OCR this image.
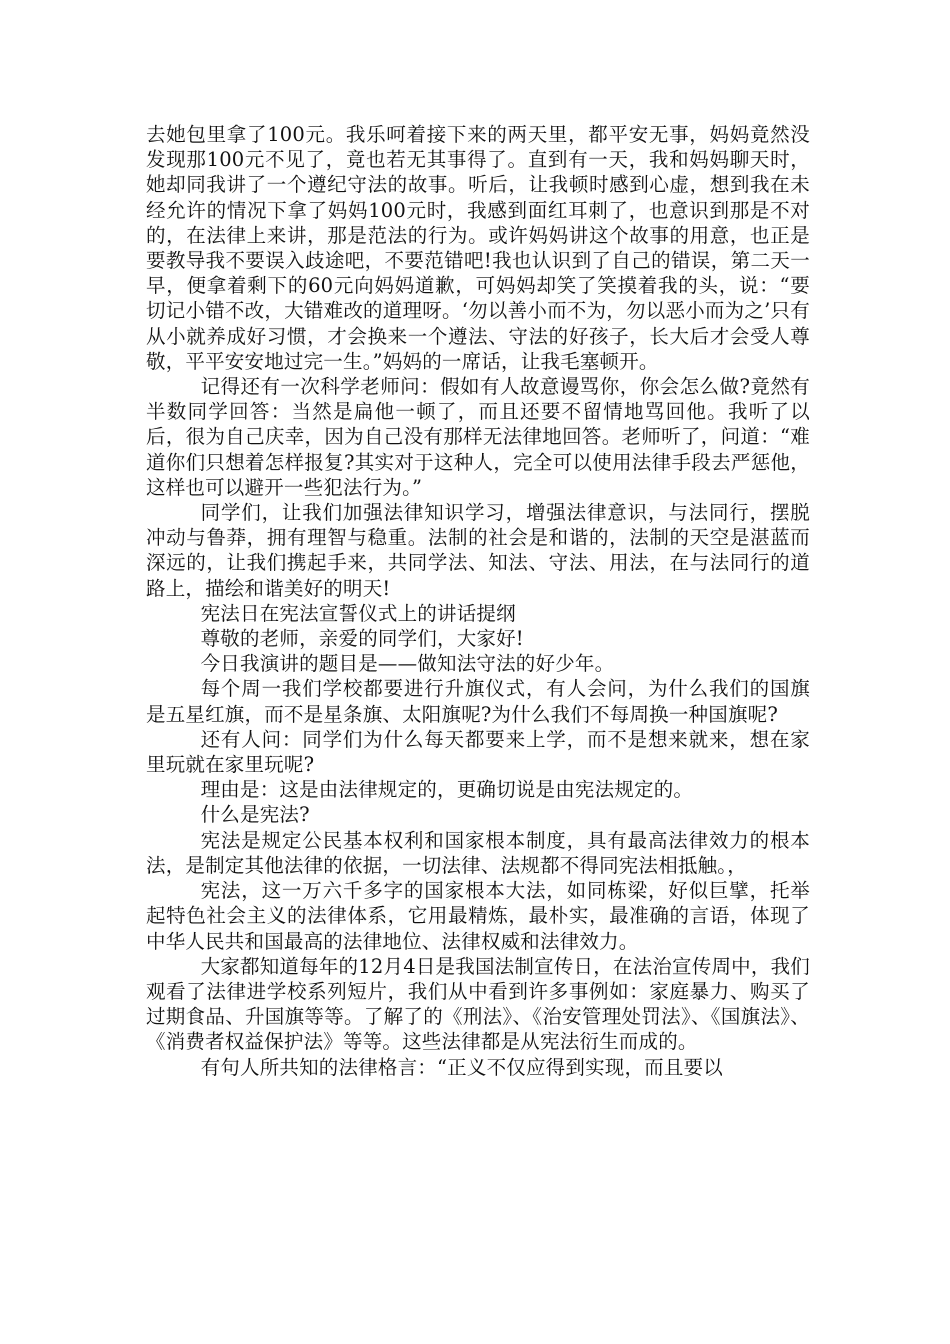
去她包里拿了100元。我乐呵着接下来的两天里，都平安无事，妈妈竟然没发现那100元不见了，竟也若无其事得了。直到有一天，我和妈妈聊天时，她却同我讲了一个遵纪守法的故事。听后，让我顿时感到心虚，想到我在未经允许的情况下拿了妈妈100元时，我感到面红耳刺了，也意识到那是不对的，在法律上来讲，那是范法的行为。或许妈妈讲这个故事的用意，也正是要教导我不要误入歧途吧，不要范错吧!我也认识到了自己的错误，第二天一早，便拿着剩下的60元向妈妈道歉，可妈妈却笑了笑摸着我的头，说：“要切记小错不改，大错难改的道理呀。‘勿以善小而不为，勿以恶小而为之’只有从小就养成好习惯，才会换来一个遵法、守法的好孩子，长大后才会受人尊敬，平平安安地过完一生。”妈妈的一席话，让我毛塞顿开。

记得还有一次科学老师问：假如有人故意谩骂你，你会怎么做?竟然有半数同学回答：当然是扁他一顿了，而且还要不留情地骂回他。我听了以后，很为自己庆幸，因为自己没有那样无法律地回答。老师听了，问道：“难道你们只想着怎样报复?其实对于这种人，完全可以使用法律手段去严惩他，这样也可以避开一些犯法行为。”

同学们，让我们加强法律知识学习，增强法律意识，与法同行，摆脱冲动与鲁莽，拥有理智与稳重。法制的社会是和谐的，法制的天空是湛蓝而深远的，让我们携起手来，共同学法、知法、守法、用法，在与法同行的道路上，描绘和谐美好的明天!

宪法日在宪法宣誓仪式上的讲话提纲

尊敬的老师，亲爱的同学们，大家好!

今日我演讲的题目是——做知法守法的好少年。

每个周一我们学校都要进行升旗仪式，有人会问，为什么我们的国旗是五星红旗，而不是星条旗、太阳旗呢?为什么我们不每周换一种国旗呢?

还有人问：同学们为什么每天都要来上学，而不是想来就来，想在家里玩就在家里玩呢?

理由是：这是由法律规定的，更确切说是由宪法规定的。

什么是宪法?

宪法是规定公民基本权利和国家根本制度，具有最高法律效力的根本法，是制定其他法律的依据，一切法律、法规都不得同宪法相抵触。，

宪法，这一万六千多字的国家根本大法，如同栋梁，好似巨擘，托举起特色社会主义的法律体系，它用最精炼，最朴实，最准确的言语，体现了中华人民共和国最高的法律地位、法律权威和法律效力。

大家都知道每年的12月4日是我国法制宣传日，在法治宣传周中，我们观看了法律进学校系列短片，我们从中看到许多事例如：家庭暴力、购买了过期食品、升国旗等等。了解了的《刑法》、《治安管理处罚法》、《国旗法》、《消费者权益保护法》等等。这些法律都是从宪法衍生而成的。

有句人所共知的法律格言：“正义不仅应得到实现，而且要以
